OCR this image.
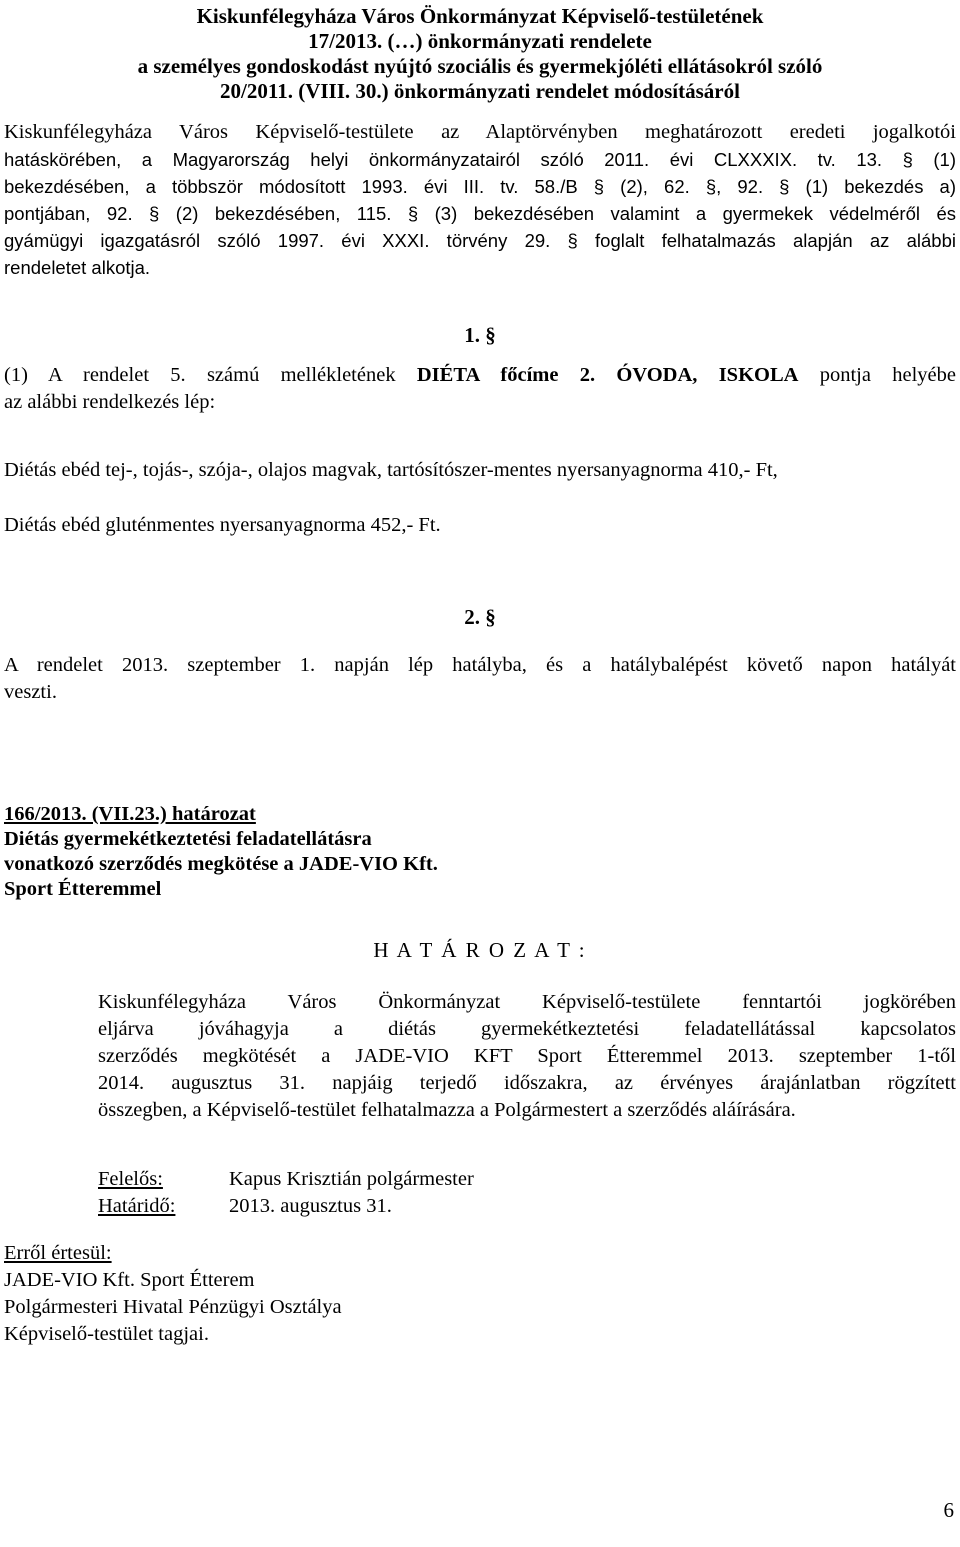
Kiskunfélegyháza Város Önkormányzat Képviselő-testületének
17/2013. (…) önkormányzati rendelete
a személyes gondoskodást nyújtó szociális és gyermekjóléti ellátásokról szóló
20/2011. (VIII. 30.) önkormányzati rendelet módosításáról
Kiskunfélegyháza Város Képviselő-testülete az Alaptörvényben meghatározott eredeti jogalkotói
hatáskörében, a Magyarország helyi önkormányzatairól szóló 2011. évi CLXXXIX. tv. 13. § (1)
bekezdésében, a többször módosított 1993. évi III. tv. 58./B § (2), 62. §, 92. § (1) bekezdés a)
pontjában, 92. § (2) bekezdésében, 115. § (3) bekezdésében valamint a gyermekek védelméről és
gyámügyi igazgatásról szóló 1997. évi XXXI. törvény 29. § foglalt felhatalmazás alapján az alábbi
rendeletet alkotja.
1. §
(1) A rendelet 5. számú mellékletének DIÉTA főcíme 2. ÓVODA, ISKOLA pontja helyébe
az alábbi rendelkezés lép:
Diétás ebéd tej-, tojás-, szója-, olajos magvak, tartósítószer-mentes nyersanyagnorma 410,- Ft,
Diétás ebéd gluténmentes nyersanyagnorma 452,- Ft.
2. §
A rendelet 2013. szeptember 1. napján lép hatályba, és a hatálybalépést követő napon hatályát
veszti.
166/2013. (VII.23.) határozat
Diétás gyermekétkeztetési feladatellátásra
vonatkozó szerződés megkötése a JADE-VIO Kft.
Sport Étteremmel
H A T Á R O Z A T :
Kiskunfélegyháza Város Önkormányzat Képviselő-testülete fenntartói jogkörében
eljárva jóváhagyja a diétás gyermekétkeztetési feladatellátással kapcsolatos
szerződés megkötését a JADE-VIO KFT Sport Étteremmel 2013. szeptember 1-től
2014. augusztus 31. napjáig terjedő időszakra, az érvényes árajánlatban rögzített
összegben, a Képviselő-testület felhatalmazza a Polgármestert a szerződés aláírására.
Felelős:	Kapus Krisztián polgármester
Határidő:	2013. augusztus 31.
Erről értesül:
JADE-VIO Kft. Sport Étterem
Polgármesteri Hivatal Pénzügyi Osztálya
Képviselő-testület tagjai.
6
